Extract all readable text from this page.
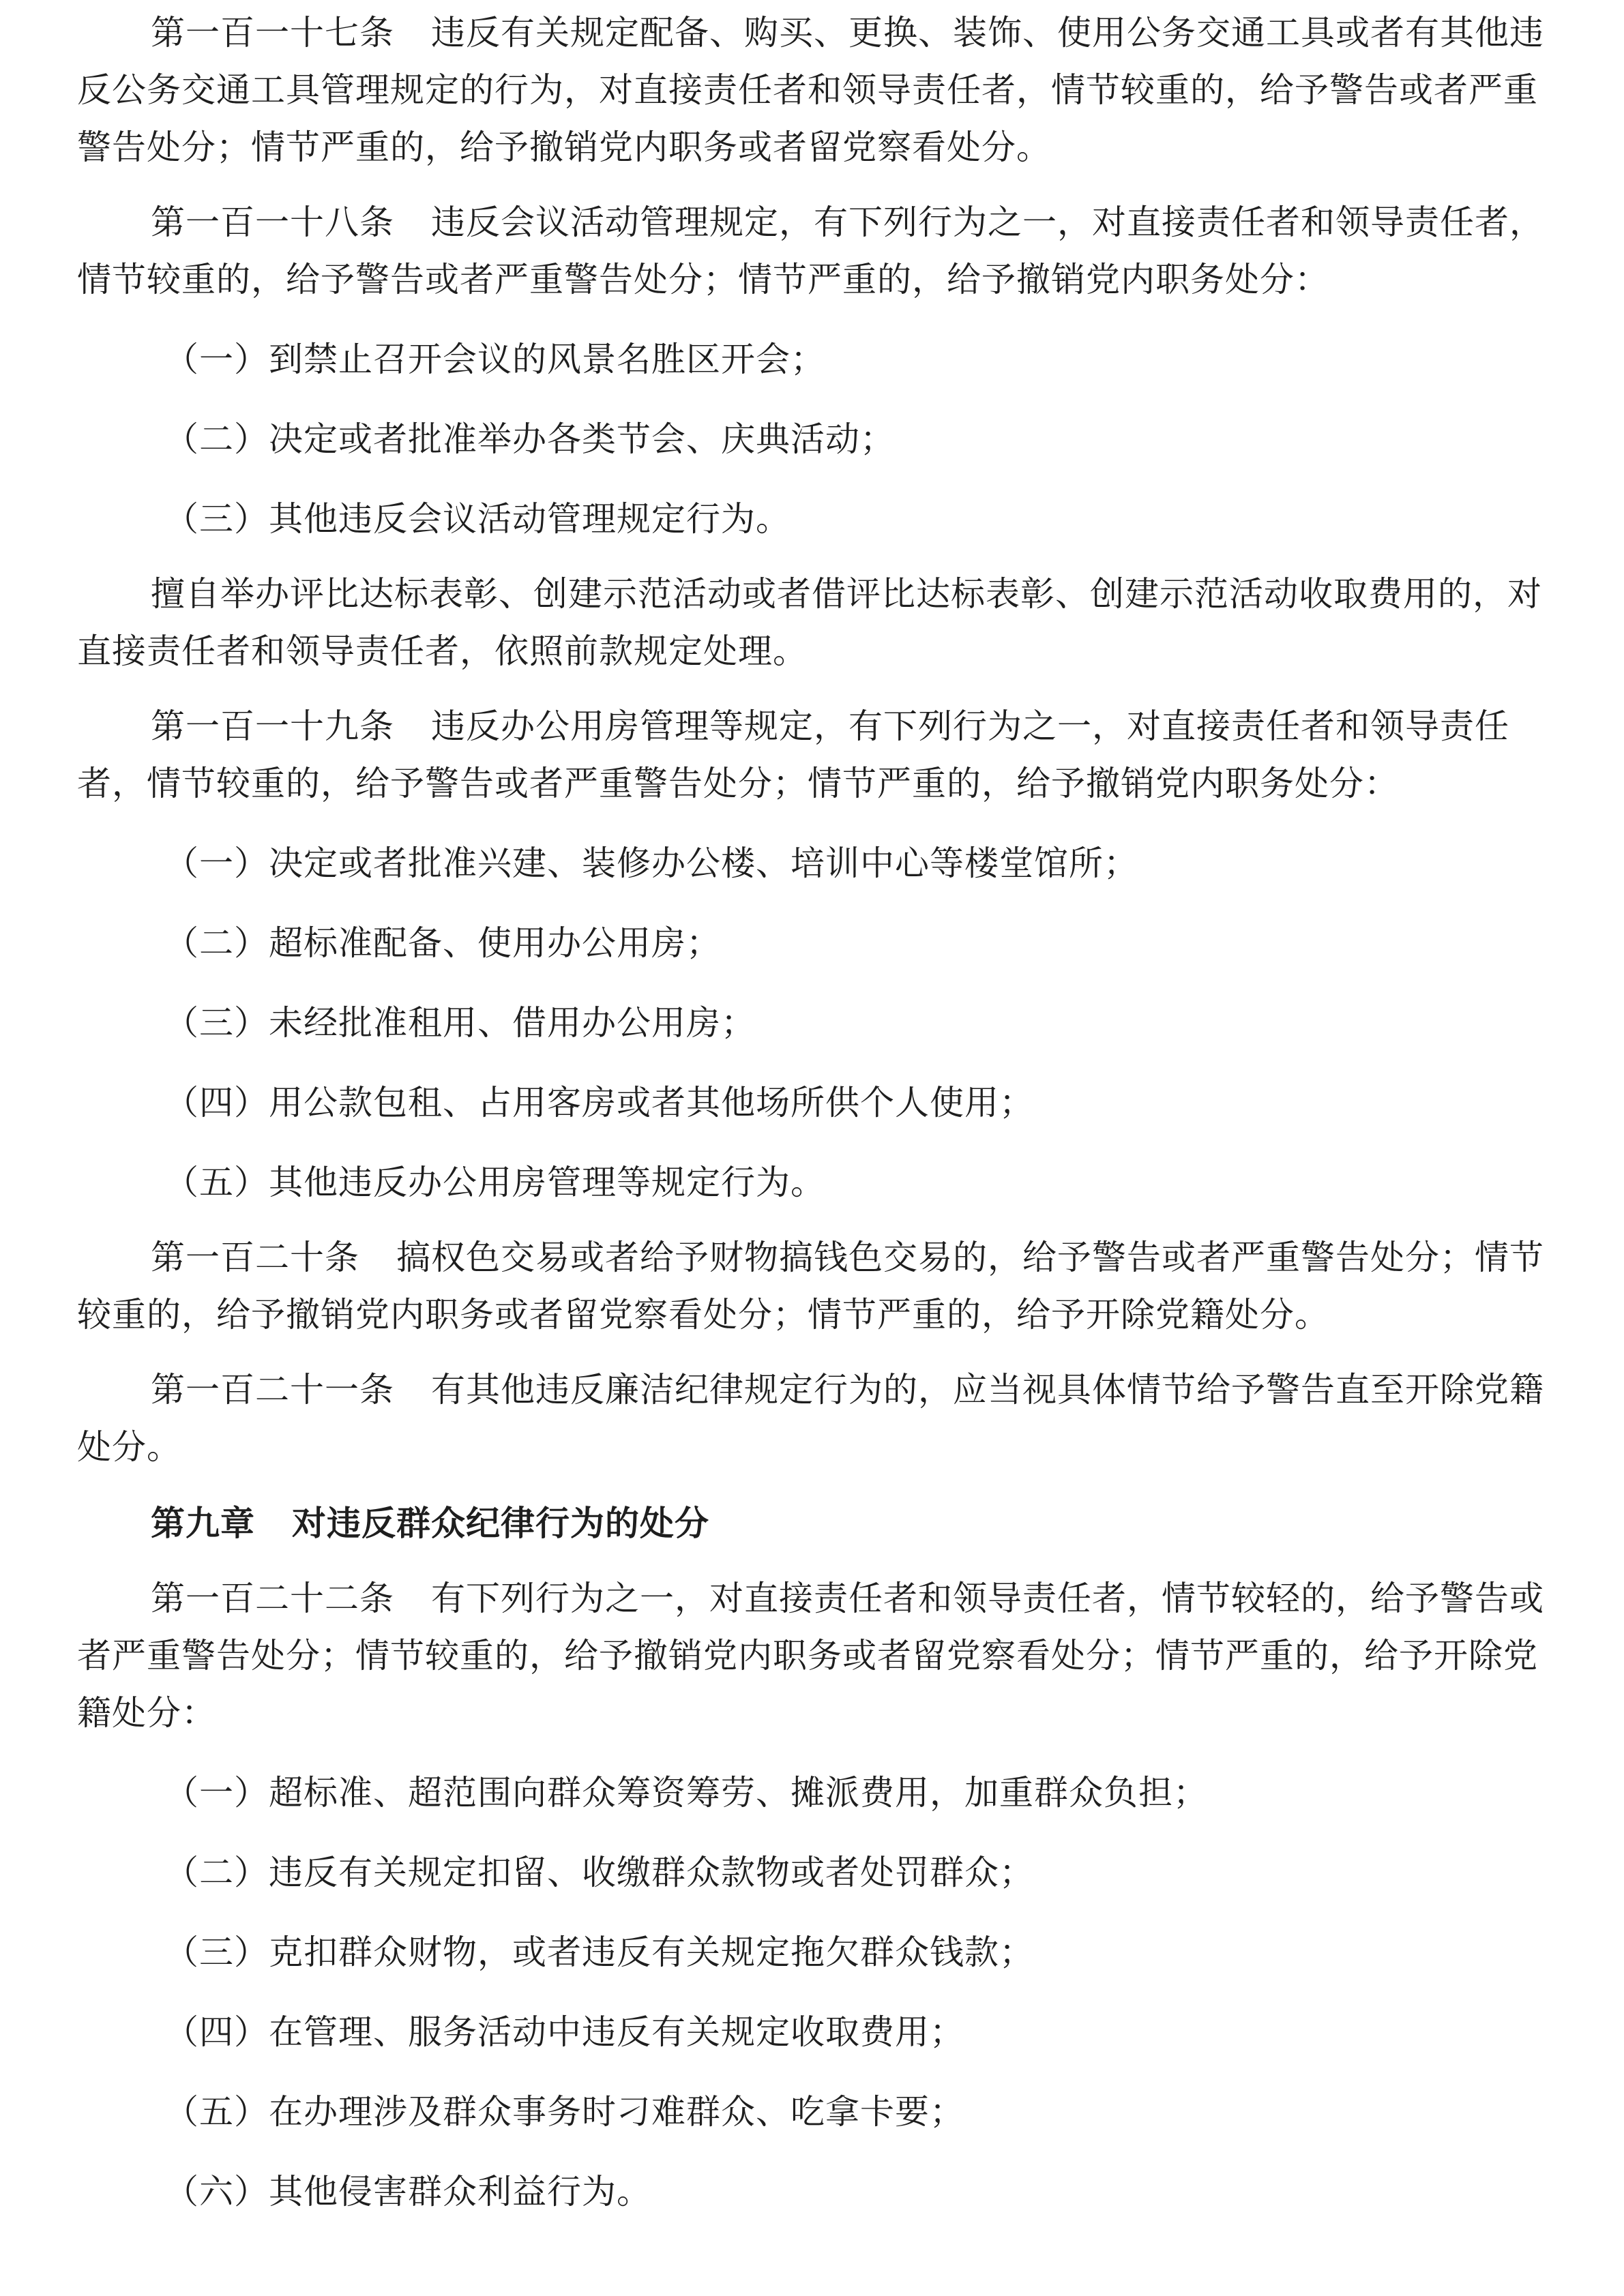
第一百一十七条 违反有关规定配备、购买、更换、装饰、使用公务交通工具或者有其他违反公务交通工具管理规定的行为，对直接责任者和领导责任者，情节较重的，给予警告或者严重警告处分；情节严重的，给予撤销党内职务或者留党察看处分。

第一百一十八条 违反会议活动管理规定，有下列行为之一，对直接责任者和领导责任者，情节较重的，给予警告或者严重警告处分；情节严重的，给予撤销党内职务处分：

（一）到禁止召开会议的风景名胜区开会；

（二）决定或者批准举办各类节会、庆典活动；

（三）其他违反会议活动管理规定行为。

擅自举办评比达标表彰、创建示范活动或者借评比达标表彰、创建示范活动收取费用的，对直接责任者和领导责任者，依照前款规定处理。

第一百一十九条 违反办公用房管理等规定，有下列行为之一，对直接责任者和领导责任者，情节较重的，给予警告或者严重警告处分；情节严重的，给予撤销党内职务处分：

（一）决定或者批准兴建、装修办公楼、培训中心等楼堂馆所；

（二）超标准配备、使用办公用房；

（三）未经批准租用、借用办公用房；

（四）用公款包租、占用客房或者其他场所供个人使用；

（五）其他违反办公用房管理等规定行为。

第一百二十条 搞权色交易或者给予财物搞钱色交易的，给予警告或者严重警告处分；情节较重的，给予撤销党内职务或者留党察看处分；情节严重的，给予开除党籍处分。

第一百二十一条 有其他违反廉洁纪律规定行为的，应当视具体情节给予警告直至开除党籍处分。

第九章 对违反群众纪律行为的处分

第一百二十二条 有下列行为之一，对直接责任者和领导责任者，情节较轻的，给予警告或者严重警告处分；情节较重的，给予撤销党内职务或者留党察看处分；情节严重的，给予开除党籍处分：

（一）超标准、超范围向群众筹资筹劳、摊派费用，加重群众负担；

（二）违反有关规定扣留、收缴群众款物或者处罚群众；

（三）克扣群众财物，或者违反有关规定拖欠群众钱款；

（四）在管理、服务活动中违反有关规定收取费用；

（五）在办理涉及群众事务时刁难群众、吃拿卡要；

（六）其他侵害群众利益行为。
